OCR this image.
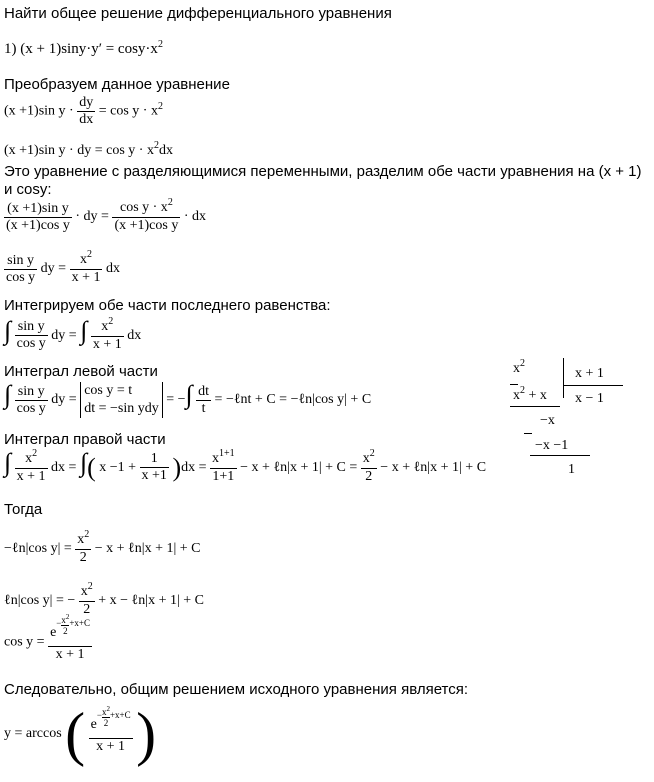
Найти общее решение дифференциального уравнения
1) $(x + 1)\sin y\cdot y' = \cos y\cdot x^2$
Преобразуем данное уравнение
(x +1)sin $y \cdot \frac{dy}{dx} = \cos y \cdot x^2$
(x +1)sin y · dy = $\cos y \cdot x^2dx$
Это уравнение с разделяющимися переменными, разделим обе части уравнения на (x + 1)
и cosy:
$\frac{\text{(x +1)sin y}}{\text{(x +1)cos y}}$ · dy = $\frac{\cos y \cdot x^2}{\text{(x +1)cos y}}$ · dx
$\frac{\text{sin y}}{\text{cos y}}$ dy = $\frac{x^2}{x + 1}$ dx
Интегрируем обе части последнего равенства:
∫ $\frac{\text{sin y}}{\text{cos y}}$ dy = ∫ $\frac{x^2}{x + 1}$ dx
Интеграл левой части
∫ $\frac{\text{sin y}}{\text{cos y}}$ dy =
cos y = t
dt = −sin ydy
= −∫ $\frac{dt}{t}$ = −ℓnt + C = −ℓn|cos y| + C
Интеграл правой части
∫ $\frac{x^2}{x + 1}$ dx = ∫( $x -1 + \frac{1}{x +1} )dx = \frac{x^{1+1}}{1+1} - x$ + ℓn|x + $1| + C = \frac{x^2}{2} - x$ + ℓn|x + 1| + C
Тогда
−ℓn|cos $y| = \frac{x^2}{2} - x$ + ℓn|x + 1| + C
ℓn|cos y| = − $\frac{x^2}{2} + x$ − ℓn|x + 1| + C
$\cos y = e^{- \frac{x^2}{2} +x+C}$
x + 1
Следовательно, общим решением исходного уравнения является:
y = arccos ( $e^{- \frac{x^2}{2} +x+C}$
x + 1 )
$x^2$
x + 1
$x^2 + x$ x − 1
−x
−x −1
1
